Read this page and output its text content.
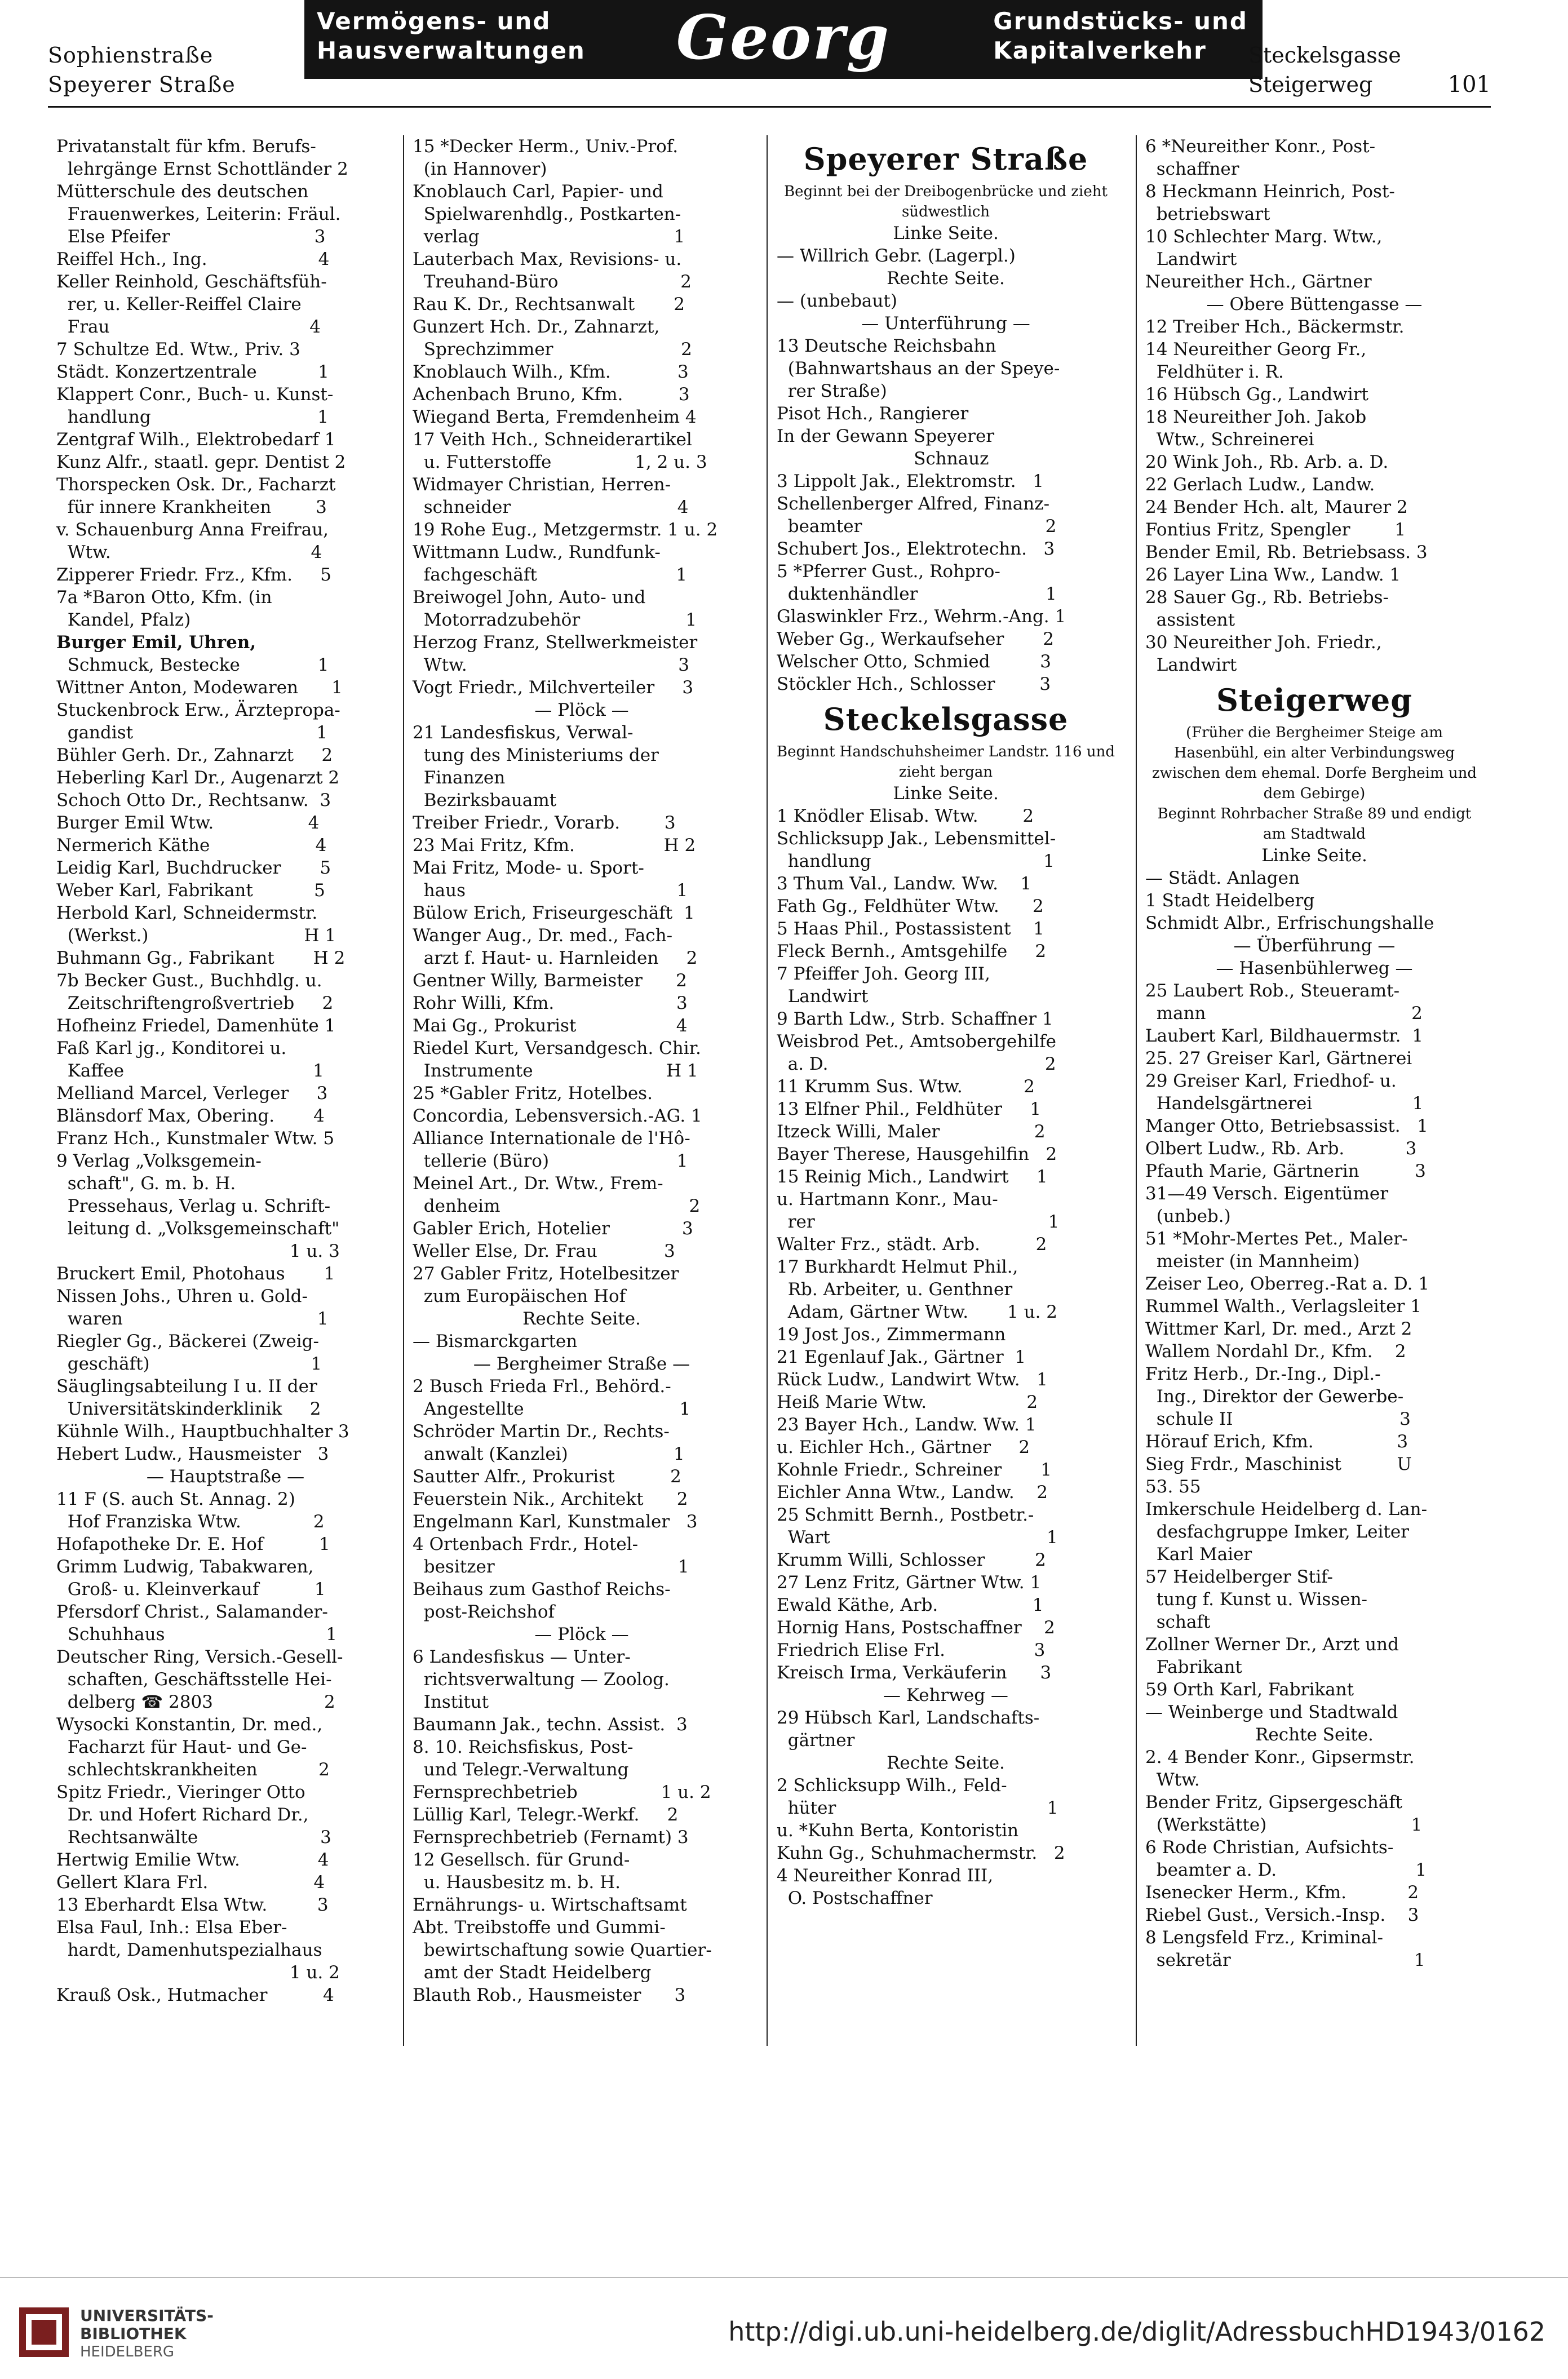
Sophienstraße
Speyerer Straße
Vermögens- und
Hausverwaltungen	Georg Herth
Grundstücks- und
Kapitalverkehr	Steckelsgasse
Steigerweg	101
Privatanstalt für kfm. Berufs-
lehrgänge Ernst Schottländer 2
Mütterschule des deutschen
Frauenwerkes, Leiterin: Fräul.
Else Pfeifer                          3
Reiffel Hch., Ing.                    4
Keller Reinhold, Geschäftsfüh-
rer, u. Keller-Reiffel Claire
Frau                                    4
7 Schultze Ed. Wtw., Priv. 3
Städt. Konzertzentrale           1
Klappert Conr., Buch- u. Kunst-
handlung                              1
Zentgraf Wilh., Elektrobedarf 1
Kunz Alfr., staatl. gepr. Dentist 2
Thorspecken Osk. Dr., Facharzt
für innere Krankheiten        3
v. Schauenburg Anna Freifrau,
Wtw.                                    4
Zipperer Friedr. Frz., Kfm.     5
7a *Baron Otto, Kfm. (in
Kandel, Pfalz)
Burger Emil, Uhren,
Schmuck, Bestecke              1
Wittner Anton, Modewaren      1
Stuckenbrock Erw., Ärztepropa-
gandist                                 1
Bühler Gerh. Dr., Zahnarzt     2
Heberling Karl Dr., Augenarzt 2
Schoch Otto Dr., Rechtsanw.  3
Burger Emil Wtw.                 4
Nermerich Käthe                   4
Leidig Karl, Buchdrucker       5
Weber Karl, Fabrikant           5
Herbold Karl, Schneidermstr.
(Werkst.)                            H 1
Buhmann Gg., Fabrikant       H 2
7b Becker Gust., Buchhdlg. u.
Zeitschriftengroßvertrieb     2
Hofheinz Friedel, Damenhüte 1
Faß Karl jg., Konditorei u.
Kaffee                                  1
Melliand Marcel, Verleger     3
Blänsdorf Max, Obering.       4
Franz Hch., Kunstmaler Wtw. 5
9 Verlag „Volksgemein-
schaft", G. m. b. H.
Pressehaus, Verlag u. Schrift-
leitung d. „Volksgemeinschaft"
1 u. 3
Bruckert Emil, Photohaus       1
Nissen Johs., Uhren u. Gold-
waren                                   1
Riegler Gg., Bäckerei (Zweig-
geschäft)                             1
Säuglingsabteilung I u. II der
Universitätskinderklinik     2
Kühnle Wilh., Hauptbuchhalter 3
Hebert Ludw., Hausmeister   3
— Hauptstraße —
11 F (S. auch St. Annag. 2)
Hof Franziska Wtw.             2
Hofapotheke Dr. E. Hof          1
Grimm Ludwig, Tabakwaren,
Groß- u. Kleinverkauf          1
Pfersdorf Christ., Salamander-
Schuhhaus                             1
Deutscher Ring, Versich.-Gesell-
schaften, Geschäftsstelle Hei-
delberg ☎ 2803                    2
Wysocki Konstantin, Dr. med.,
Facharzt für Haut- und Ge-
schlechtskrankheiten           2
Spitz Friedr., Vieringer Otto
Dr. und Hofert Richard Dr.,
Rechtsanwälte                      3
Hertwig Emilie Wtw.              4
Gellert Klara Frl.                   4
13 Eberhardt Elsa Wtw.         3
Elsa Faul, Inh.: Elsa Eber-
hardt, Damenhutspezialhaus
1 u. 2
Krauß Osk., Hutmacher          4
15 *Decker Herm., Univ.-Prof.
(in Hannover)
Knoblauch Carl, Papier- und
Spielwarenhdlg., Postkarten-
verlag                                   1
Lauterbach Max, Revisions- u.
Treuhand-Büro                      2
Rau K. Dr., Rechtsanwalt       2
Gunzert Hch. Dr., Zahnarzt,
Sprechzimmer                       2
Knoblauch Wilh., Kfm.            3
Achenbach Bruno, Kfm.          3
Wiegand Berta, Fremdenheim 4
17 Veith Hch., Schneiderartikel
u. Futterstoffe               1, 2 u. 3
Widmayer Christian, Herren-
schneider                              4
19 Rohe Eug., Metzgermstr. 1 u. 2
Wittmann Ludw., Rundfunk-
fachgeschäft                         1
Breiwogel John, Auto- und
Motorradzubehör                   1
Herzog Franz, Stellwerkmeister
Wtw.                                      3
Vogt Friedr., Milchverteiler     3
— Plöck —
21 Landesfiskus, Verwal-
tung des Ministeriums der
Finanzen
Bezirksbauamt
Treiber Friedr., Vorarb.        3
23 Mai Fritz, Kfm.                H 2
Mai Fritz, Mode- u. Sport-
haus                                      1
Bülow Erich, Friseurgeschäft  1
Wanger Aug., Dr. med., Fach-
arzt f. Haut- u. Harnleiden     2
Gentner Willy, Barmeister      2
Rohr Willi, Kfm.                      3
Mai Gg., Prokurist                  4
Riedel Kurt, Versandgesch. Chir.
Instrumente                        H 1
25 *Gabler Fritz, Hotelbes.
Concordia, Lebensversich.-AG. 1
Alliance Internationale de l'Hô-
tellerie (Büro)                       1
Meinel Art., Dr. Wtw., Frem-
denheim                                  2
Gabler Erich, Hotelier             3
Weller Else, Dr. Frau            3
27 Gabler Fritz, Hotelbesitzer
zum Europäischen Hof
Rechte Seite.
— Bismarckgarten
— Bergheimer Straße —
2 Busch Frieda Frl., Behörd.-
Angestellte                            1
Schröder Martin Dr., Rechts-
anwalt (Kanzlei)                   1
Sautter Alfr., Prokurist          2
Feuerstein Nik., Architekt      2
Engelmann Karl, Kunstmaler   3
4 Ortenbach Frdr., Hotel-
besitzer                                 1
Beihaus zum Gasthof Reichs-
post-Reichshof
— Plöck —
6 Landesfiskus — Unter-
richtsverwaltung — Zoolog.
Institut
Baumann Jak., techn. Assist.  3
8. 10. Reichsfiskus, Post-
und Telegr.-Verwaltung
Fernsprechbetrieb               1 u. 2
Lüllig Karl, Telegr.-Werkf.     2
Fernsprechbetrieb (Fernamt) 3
12 Gesellsch. für Grund-
u. Hausbesitz m. b. H.
Ernährungs- u. Wirtschaftsamt
Abt. Treibstoffe und Gummi-
bewirtschaftung sowie Quartier-
amt der Stadt Heidelberg
Blauth Rob., Hausmeister      3
Speyerer Straße
Beginnt bei der Dreibogenbrücke und zieht südwestlich
Linke Seite.
— Willrich Gebr. (Lagerpl.)
Rechte Seite.
— (unbebaut)
— Unterführung —
13 Deutsche Reichsbahn
(Bahnwartshaus an der Speye-
rer Straße)
Pisot Hch., Rangierer
In der Gewann Speyerer
Schnauz
3 Lippolt Jak., Elektromstr.   1
Schellenberger Alfred, Finanz-
beamter                                 2
Schubert Jos., Elektrotechn.   3
5 *Pferrer Gust., Rohpro-
duktenhändler                       1
Glaswinkler Frz., Wehrm.-Ang. 1
Weber Gg., Werkaufseher       2
Welscher Otto, Schmied         3
Stöckler Hch., Schlosser        3
Steckelsgasse
Beginnt Handschuhsheimer Landstr. 116 und zieht bergan
Linke Seite.
1 Knödler Elisab. Wtw.        2
Schlicksupp Jak., Lebensmittel-
handlung                               1
3 Thum Val., Landw. Ww.    1
Fath Gg., Feldhüter Wtw.      2
5 Haas Phil., Postassistent    1
Fleck Bernh., Amtsgehilfe     2
7 Pfeiffer Joh. Georg III,
Landwirt
9 Barth Ldw., Strb. Schaffner 1
Weisbrod Pet., Amtsobergehilfe
a. D.                                       2
11 Krumm Sus. Wtw.           2
13 Elfner Phil., Feldhüter     1
Itzeck Willi, Maler                 2
Bayer Therese, Hausgehilfin   2
15 Reinig Mich., Landwirt     1
u. Hartmann Konr., Mau-
rer                                          1
Walter Frz., städt. Arb.          2
17 Burkhardt Helmut Phil.,
Rb. Arbeiter, u. Genthner
Adam, Gärtner Wtw.       1 u. 2
19 Jost Jos., Zimmermann
21 Egenlauf Jak., Gärtner  1
Rück Ludw., Landwirt Wtw.   1
Heiß Marie Wtw.                  2
23 Bayer Hch., Landw. Ww. 1
u. Eichler Hch., Gärtner     2
Kohnle Friedr., Schreiner       1
Eichler Anna Wtw., Landw.    2
25 Schmitt Bernh., Postbetr.-
Wart                                       1
Krumm Willi, Schlosser         2
27 Lenz Fritz, Gärtner Wtw. 1
Ewald Käthe, Arb.                 1
Hornig Hans, Postschaffner    2
Friedrich Elise Frl.                3
Kreisch Irma, Verkäuferin      3
— Kehrweg —
29 Hübsch Karl, Landschafts-
gärtner
Rechte Seite.
2 Schlicksupp Wilh., Feld-
hüter                                      1
u. *Kuhn Berta, Kontoristin
Kuhn Gg., Schuhmachermstr.   2
4 Neureither Konrad III,
O. Postschaffner
6 *Neureither Konr., Post-
schaffner
8 Heckmann Heinrich, Post-
betriebswart
10 Schlechter Marg. Wtw.,
Landwirt
Neureither Hch., Gärtner
— Obere Büttengasse —
12 Treiber Hch., Bäckermstr.
14 Neureither Georg Fr.,
Feldhüter i. R.
16 Hübsch Gg., Landwirt
18 Neureither Joh. Jakob
Wtw., Schreinerei
20 Wink Joh., Rb. Arb. a. D.
22 Gerlach Ludw., Landw.
24 Bender Hch. alt, Maurer 2
Fontius Fritz, Spengler        1
Bender Emil, Rb. Betriebsass. 3
26 Layer Lina Ww., Landw. 1
28 Sauer Gg., Rb. Betriebs-
assistent
30 Neureither Joh. Friedr.,
Landwirt
Steigerweg
(Früher die Bergheimer Steige am Hasenbühl, ein alter Verbindungsweg zwischen dem ehemal. Dorfe Bergheim und dem Gebirge)
Beginnt Rohrbacher Straße 89 und endigt am Stadtwald
Linke Seite.
— Städt. Anlagen
1 Stadt Heidelberg
Schmidt Albr., Erfrischungshalle
— Überführung —
— Hasenbühlerweg —
25 Laubert Rob., Steueramt-
mann                                     2
Laubert Karl, Bildhauermstr.  1
25. 27 Greiser Karl, Gärtnerei
29 Greiser Karl, Friedhof- u.
Handelsgärtnerei                  1
Manger Otto, Betriebsassist.   1
Olbert Ludw., Rb. Arb.           3
Pfauth Marie, Gärtnerin          3
31—49 Versch. Eigentümer
(unbeb.)
51 *Mohr-Mertes Pet., Maler-
meister (in Mannheim)
Zeiser Leo, Oberreg.-Rat a. D. 1
Rummel Walth., Verlagsleiter 1
Wittmer Karl, Dr. med., Arzt 2
Wallem Nordahl Dr., Kfm.    2
Fritz Herb., Dr.-Ing., Dipl.-
Ing., Direktor der Gewerbe-
schule II                              3
Hörauf Erich, Kfm.               3
Sieg Frdr., Maschinist          U
53. 55
Imkerschule Heidelberg d. Lan-
desfachgruppe Imker, Leiter
Karl Maier
57 Heidelberger Stif-
tung f. Kunst u. Wissen-
schaft
Zollner Werner Dr., Arzt und
Fabrikant
59 Orth Karl, Fabrikant
— Weinberge und Stadtwald
Rechte Seite.
2. 4 Bender Konr., Gipsermstr.
Wtw.
Bender Fritz, Gipsergeschäft
(Werkstätte)                          1
6 Rode Christian, Aufsichts-
beamter a. D.                         1
Isenecker Herm., Kfm.           2
Riebel Gust., Versich.-Insp.    3
8 Lengsfeld Frz., Kriminal-
sekretär                                 1
UNIVERSITÄTS-
BIBLIOTHEK
HEIDELBERG
http://digi.ub.uni-heidelberg.de/diglit/AdressbuchHD1943/0162
